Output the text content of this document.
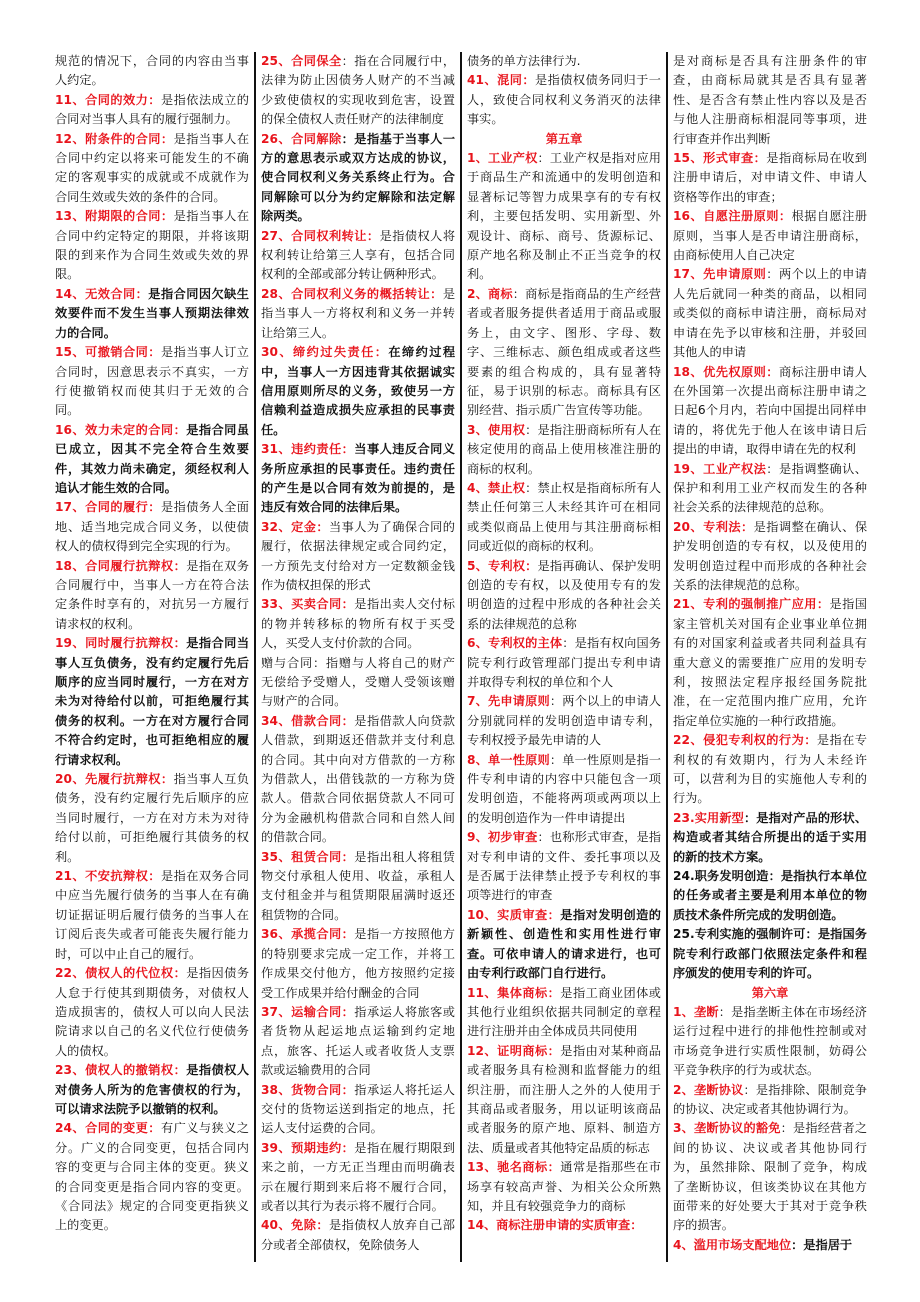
规范的情况下，合同的内容由当事人约定。

11、合同的效力：是指依法成立的合同对当事人具有的履行强制力。

12、附条件的合同：是指当事人在合同中约定以将来可能发生的不确定的客观事实的成就或不成就作为合同生效或失效的条件的合同。

13、附期限的合同：是指当事人在合同中约定特定的期限，并将该期限的到来作为合同生效或失效的界限。

14、无效合同：是指合同因欠缺生效要件而不发生当事人预期法律效力的合同。

15、可撤销合同：是指当事人订立合同时，因意思表示不真实，一方行使撤销权而使其归于无效的合同。

16、效力未定的合同：是指合同虽已成立，因其不完全符合生效要件，其效力尚未确定，须经权利人追认才能生效的合同。

17、合同的履行：是指债务人全面地、适当地完成合同义务，以使债权人的债权得到完全实现的行为。

18、合同履行抗辩权：是指在双务合同履行中，当事人一方在符合法定条件时享有的，对抗另一方履行请求权的权利。

19、同时履行抗辩权：是指合同当事人互负债务，没有约定履行先后顺序的应当同时履行，一方在对方未为对待给付以前，可拒绝履行其债务的权利。一方在对方履行合同不符合约定时，也可拒绝相应的履行请求权利。

20、先履行抗辩权：指当事人互负债务，没有约定履行先后顺序的应当同时履行，一方在对方未为对待给付以前，可拒绝履行其债务的权利。

21、不安抗辩权：是指在双务合同中应当先履行债务的当事人在有确切证据证明后履行债务的当事人在订阅后丧失或者可能丧失履行能力时，可以中止自己的履行。

22、债权人的代位权：是指因债务人怠于行使其到期债务，对债权人造成损害的，债权人可以向人民法院请求以自己的名义代位行使债务人的债权。

23、债权人的撤销权：是指债权人对债务人所为的危害债权的行为，可以请求法院予以撤销的权利。

24、合同的变更：有广义与狭义之分。广义的合同变更，包括合同内容的变更与合同主体的变更。狭义的合同变更是指合同内容的变更。《合同法》规定的合同变更指狭义上的变更。

25、合同保全：指在合同履行中，法律为防止因债务人财产的不当减少致使债权的实现收到危害，设置的保全债权人责任财产的法律制度

26、合同解除：是指基于当事人一方的意思表示或双方达成的协议，使合同权利义务关系终止行为。合同解除可以分为约定解除和法定解除两类。

27、合同权利转让：是指债权人将权利转让给第三人享有，包括合同权利的全部或部分转让俩种形式。

28、合同权利义务的概括转让：是指当事人一方将权利和义务一并转让给第三人。

30、缔约过失责任：在缔约过程中，当事人一方因违背其依据诚实信用原则所尽的义务，致使另一方信赖利益造成损失应承担的民事责任。

31、违约责任：当事人违反合同义务所应承担的民事责任。违约责任的产生是以合同有效为前提的，是违反有效合同的法律后果。

32、定金：当事人为了确保合同的履行，依据法律规定或合同约定，一方预先支付给对方一定数额金钱作为债权担保的形式

33、买卖合同：是指出卖人交付标的物并转移标的物所有权于买受人，买受人支付价款的合同。

赠与合同：指赠与人将自己的财产无偿给予受赠人，受赠人受领该赠与财产的合同。

34、借款合同：是指借款人向贷款人借款，到期返还借款并支付利息的合同。其中向对方借款的一方称为借款人，出借钱款的一方称为贷款人。借款合同依据贷款人不同可分为金融机构借款合同和自然人间的借款合同。

35、租赁合同：是指出租人将租赁物交付承租人使用、收益，承租人支付租金并与租赁期限届满时返还租赁物的合同。

36、承揽合同：是指一方按照他方的特别要求完成一定工作，并将工作成果交付他方，他方按照约定接受工作成果并给付酬金的合同

37、运输合同：指承运人将旅客或者货物从起运地点运输到约定地点，旅客、托运人或者收货人支票款或运输费用的合同

38、货物合同：指承运人将托运人交付的货物运送到指定的地点，托运人支付运费的合同。

39、预期违约：是指在履行期限到来之前，一方无正当理由而明确表示在履行期到来后将不履行合同，或者以其行为表示将不履行合同。

40、免除：是指债权人放弃自己部分或者全部债权，免除债务人

债务的单方法律行为.

41、混同：是指债权债务同归于一人，致使合同权利义务消灭的法律事实。

第五章

1、工业产权：工业产权是指对应用于商品生产和流通中的发明创造和显著标记等智力成果享有的专有权利，主要包括发明、实用新型、外观设计、商标、商号、货源标记、原产地名称及制止不正当竞争的权利。

2、商标：商标是指商品的生产经营者或者服务提供者适用于商品或服务上，由文字、图形、字母、数字、三维标志、颜色组成或者这些要素的组合构成的，具有显著特征，易于识别的标志。商标具有区别经营、指示质广告宣传等功能。

3、使用权：是指注册商标所有人在核定使用的商品上使用核准注册的商标的权利。

4、禁止权：禁止权是指商标所有人禁止任何第三人未经其许可在相同或类似商品上使用与其注册商标相同或近似的商标的权利。

5、专利权：是指再确认、保护发明创造的专有权，以及使用专有的发明创造的过程中形成的各种社会关系的法律规范的总称

6、专利权的主体：是指有权向国务院专利行政管理部门提出专利申请并取得专利权的单位和个人

7、先申请原则：两个以上的申请人分别就同样的发明创造申请专利，专利权授予最先申请的人

8、单一性原则：单一性原则是指一件专利申请的内容中只能包含一项发明创造，不能将两项或两项以上的发明创造作为一件申请提出

9、初步审查：也称形式审查，是指对专利申请的文件、委托事项以及是否属于法律禁止授予专利权的事项等进行的审查

10、实质审查：是指对发明创造的新颖性、创造性和实用性进行审查。可依申请人的请求进行，也可由专利行政部门自行进行。

11、集体商标：是指工商业团体或其他行业组织依据共同制定的章程进行注册并由全体成员共同使用

12、证明商标：是指由对某种商品或者服务具有检测和监督能力的组织注册，而注册人之外的人使用于其商品或者服务，用以证明该商品或者服务的原产地、原料、制造方法、质量或者其他特定品质的标志

13、驰名商标：通常是指那些在市场享有较高声誉、为相关公众所熟知，并且有较强竞争力的商标

14、商标注册申请的实质审查：

是对商标是否具有注册条件的审查，由商标局就其是否具有显著性、是否含有禁止性内容以及是否与他人注册商标相混同等事项，进行审查并作出判断

15、形式审查：是指商标局在收到注册申请后，对申请文件、申请人资格等作出的审查；

16、自愿注册原则：根据自愿注册原则，当事人是否申请注册商标，由商标使用人自己决定

17、先申请原则：两个以上的申请人先后就同一种类的商品，以相同或类似的商标申请注册，商标局对申请在先予以审核和注册，并驳回其他人的申请

18、优先权原则：商标注册申请人在外国第一次提出商标注册申请之日起6个月内，若向中国提出同样申请的，将优先于他人在该申请日后提出的申请，取得申请在先的权利

19、工业产权法：是指调整确认、保护和利用工业产权而发生的各种社会关系的法律规范的总称。

20、专利法：是指调整在确认、保护发明创造的专有权，以及使用的发明创造过程中而形成的各种社会关系的法律规范的总称。

21、专利的强制推广应用：是指国家主管机关对国有企业事业单位拥有的对国家利益或者共同利益具有重大意义的需要推广应用的发明专利，按照法定程序报经国务院批准，在一定范围内推广应用，允许指定单位实施的一种行政措施。

22、侵犯专利权的行为：是指在专利权的有效期内，行为人未经许可，以营利为目的实施他人专利的行为。

23.实用新型：是指对产品的形状、构造或者其结合所提出的适于实用的新的技术方案。

24.职务发明创造：是指执行本单位的任务或者主要是利用本单位的物质技术条件所完成的发明创造。

25.专利实施的强制许可：是指国务院专利行政部门依照法定条件和程序颁发的使用专利的许可。

第六章

1、垄断：是指垄断主体在市场经济运行过程中进行的排他性控制或对市场竞争进行实质性限制，妨碍公平竞争秩序的行为或状态。

2、垄断协议：是指排除、限制竞争的协议、决定或者其他协调行为。

3、垄断协议的豁免：是指经营者之间的协议、决议或者其他协同行为，虽然排除、限制了竞争，构成了垄断协议，但该类协议在其他方面带来的好处要大于其对于竞争秩序的损害。

4、滥用市场支配地位：是指居于
